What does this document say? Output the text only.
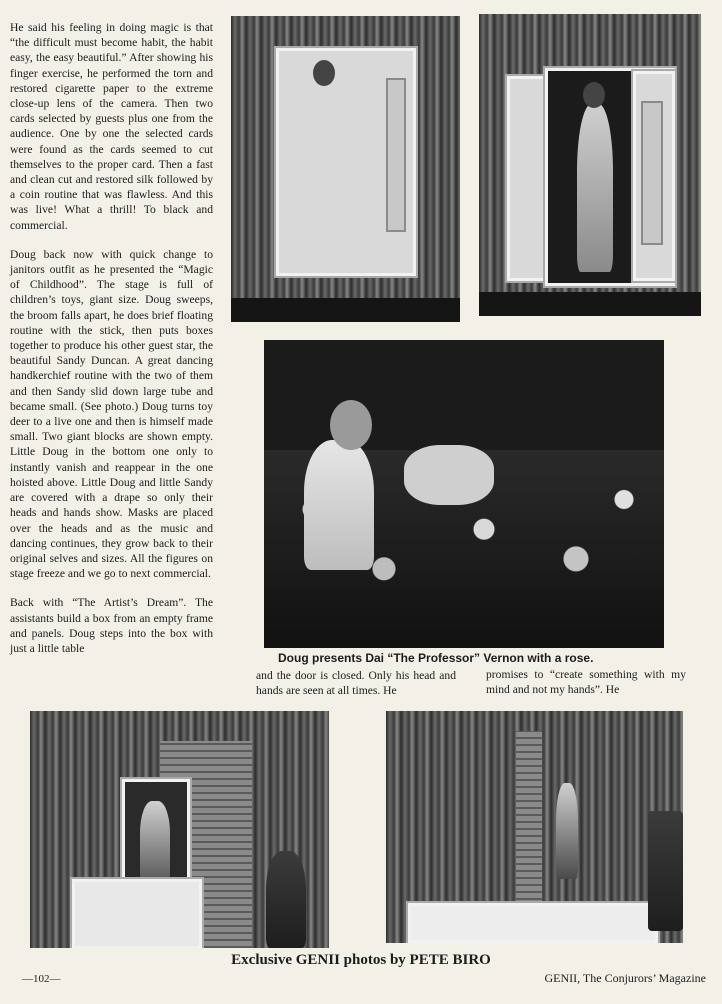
He said his feeling in doing magic is that “the difficult must become habit, the habit easy, the easy beautiful.” After showing his finger exercise, he performed the torn and restored cigarette paper to the extreme close-up lens of the camera. Then two cards selected by guests plus one from the audience. One by one the selected cards were found as the cards seemed to cut themselves to the proper card. Then a fast and clean cut and restored silk followed by a coin routine that was flawless. And this was live! What a thrill! To black and commercial.

Doug back now with quick change to janitors outfit as he presented the “Magic of Childhood”. The stage is full of children’s toys, giant size. Doug sweeps, the broom falls apart, he does brief floating routine with the stick, then puts boxes together to produce his other guest star, the beautiful Sandy Duncan. A great dancing handkerchief routine with the two of them and then Sandy slid down large tube and became small. (See photo.) Doug turns toy deer to a live one and then is himself made small. Two giant blocks are shown empty. Little Doug in the bottom one only to instantly vanish and reappear in the one hoisted above. Little Doug and little Sandy are covered with a drape so only their heads and hands show. Masks are placed over the heads and as the music and dancing continues, they grow back to their original selves and sizes. All the figures on stage freeze and we go to next commercial.

Back with “The Artist’s Dream”. The assistants build a box from an empty frame and panels. Doug steps into the box with just a little table

Doug presents Dai “The Professor” Vernon with a rose.
and the door is closed. Only his head and hands are seen at all times. He
promises to “create something with my mind and not my hands”. He
Exclusive GENII photos by PETE BIRO
—102—	GENII, The Conjurors’ Magazine
